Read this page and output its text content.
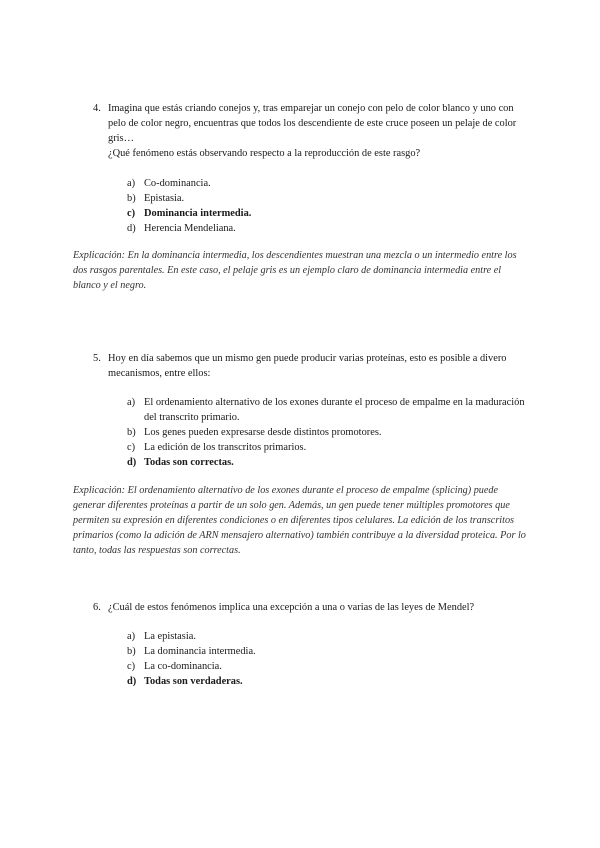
4. Imagina que estás criando conejos y, tras emparejar un conejo con pelo de color blanco y uno con pelo de color negro, encuentras que todos los descendiente de este cruce poseen un pelaje de color gris…
¿Qué fenómeno estás observando respecto a la reproducción de este rasgo?
a) Co-dominancia.
b) Epistasia.
c) Dominancia intermedia.
d) Herencia Mendeliana.
Explicación: En la dominancia intermedia, los descendientes muestran una mezcla o un intermedio entre los dos rasgos parentales. En este caso, el pelaje gris es un ejemplo claro de dominancia intermedia entre el blanco y el negro.
5. Hoy en día sabemos que un mismo gen puede producir varias proteínas, esto es posible a divero mecanismos, entre ellos:
a) El ordenamiento alternativo de los exones durante el proceso de empalme en la maduración del transcrito primario.
b) Los genes pueden expresarse desde distintos promotores.
c) La edición de los transcritos primarios.
d) Todas son correctas.
Explicación: El ordenamiento alternativo de los exones durante el proceso de empalme (splicing) puede generar diferentes proteínas a partir de un solo gen. Además, un gen puede tener múltiples promotores que permiten su expresión en diferentes condiciones o en diferentes tipos celulares. La edición de los transcritos primarios (como la adición de ARN mensajero alternativo) también contribuye a la diversidad proteica. Por lo tanto, todas las respuestas son correctas.
6. ¿Cuál de estos fenómenos implica una excepción a una o varias de las leyes de Mendel?
a) La epistasia.
b) La dominancia intermedia.
c) La co-dominancia.
d) Todas son verdaderas.
